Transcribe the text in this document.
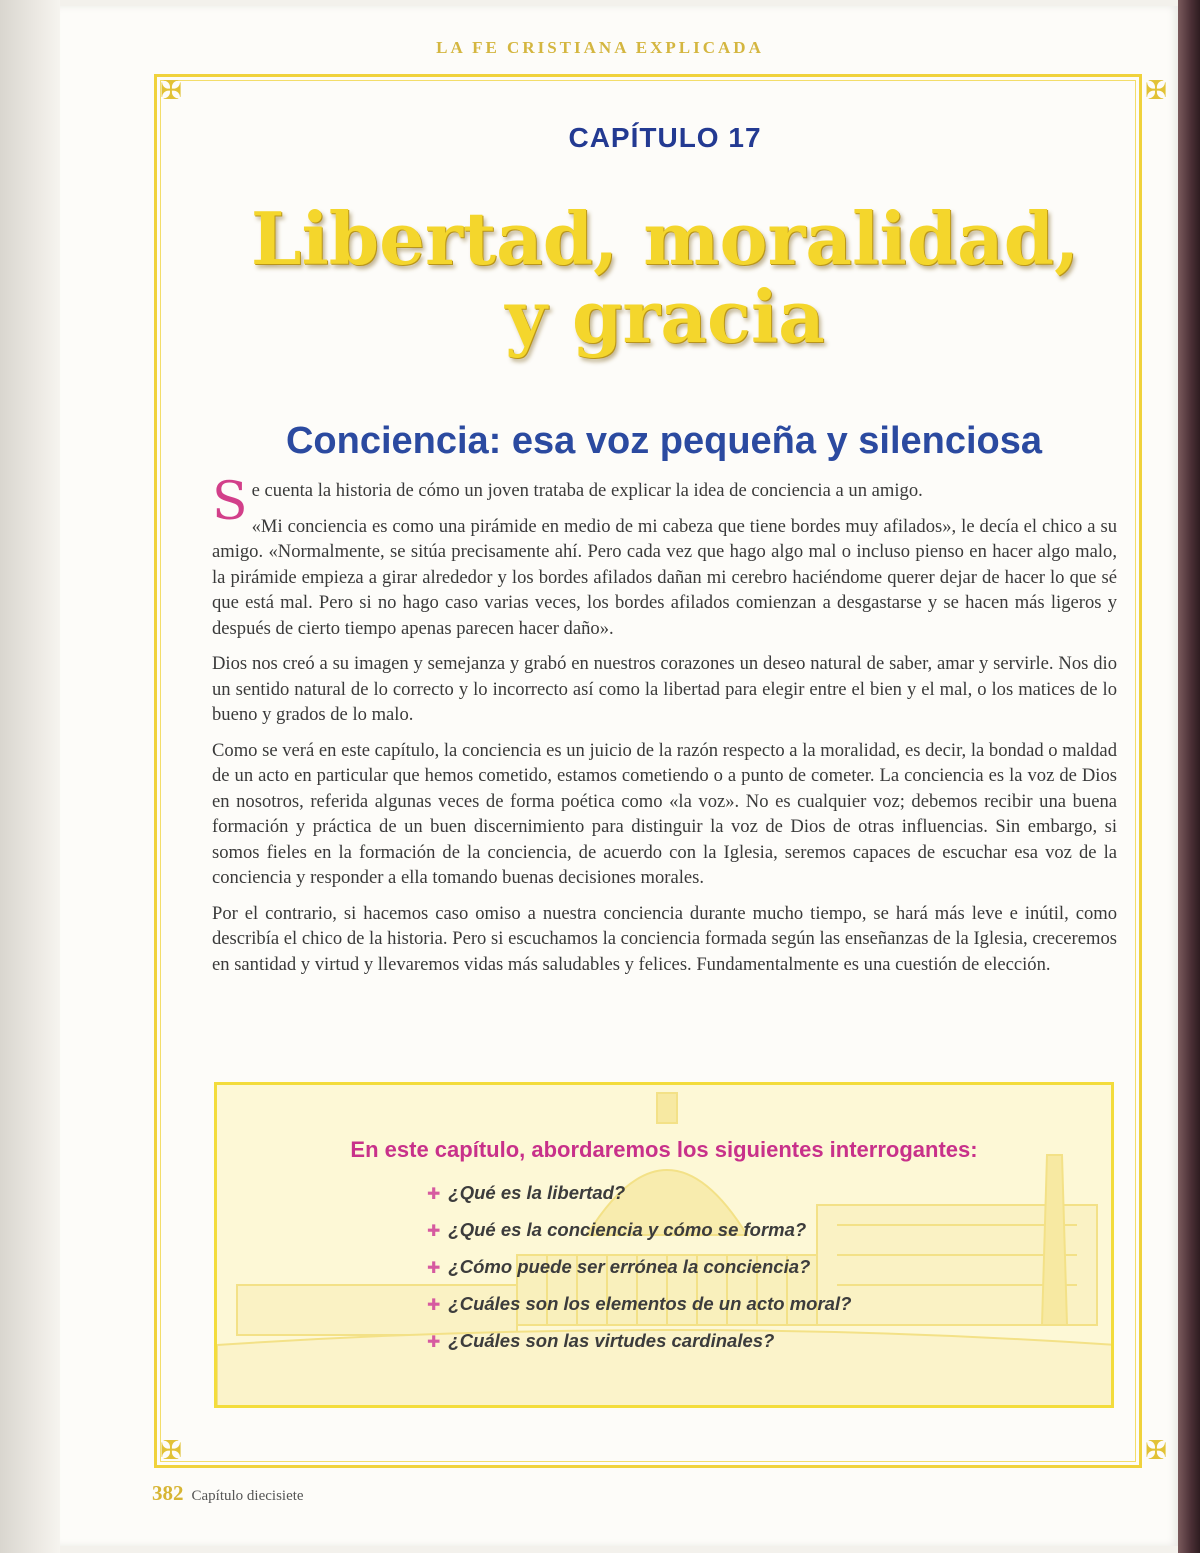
LA FE CRISTIANA EXPLICADA
✠	✠
✠	✠
CAPÍTULO 17
Libertad, moralidad,
y gracia
Conciencia: esa voz pequeña y silenciosa

Se cuenta la historia de cómo un joven trataba de explicar la idea de conciencia a un amigo.

«Mi conciencia es como una pirámide en medio de mi cabeza que tiene bordes muy afilados», le decía el chico a su amigo. «Normalmente, se sitúa precisamente ahí. Pero cada vez que hago algo mal o incluso pienso en hacer algo malo, la pirámide empieza a girar alrededor y los bordes afilados dañan mi cerebro haciéndome querer dejar de hacer lo que sé que está mal. Pero si no hago caso varias veces, los bordes afilados comienzan a desgastarse y se hacen más ligeros y después de cierto tiempo apenas parecen hacer daño».

Dios nos creó a su imagen y semejanza y grabó en nuestros corazones un deseo natural de saber, amar y servirle. Nos dio un sentido natural de lo correcto y lo incorrecto así como la libertad para elegir entre el bien y el mal, o los matices de lo bueno y grados de lo malo.

Como se verá en este capítulo, la conciencia es un juicio de la razón respecto a la moralidad, es decir, la bondad o maldad de un acto en particular que hemos cometido, estamos cometiendo o a punto de cometer. La conciencia es la voz de Dios en nosotros, referida algunas veces de forma poética como «la voz». No es cualquier voz; debemos recibir una buena formación y práctica de un buen discernimiento para distinguir la voz de Dios de otras influencias. Sin embargo, si somos fieles en la formación de la conciencia, de acuerdo con la Iglesia, seremos capaces de escuchar esa voz de la conciencia y responder a ella tomando buenas decisiones morales.

Por el contrario, si hacemos caso omiso a nuestra conciencia durante mucho tiempo, se hará más leve e inútil, como describía el chico de la historia. Pero si escuchamos la conciencia formada según las enseñanzas de la Iglesia, creceremos en santidad y virtud y llevaremos vidas más saludables y felices. Fundamentalmente es una cuestión de elección.

En este capítulo, abordaremos los siguientes interrogantes:
✚ ¿Qué es la libertad?
✚ ¿Qué es la conciencia y cómo se forma?
✚ ¿Cómo puede ser errónea la conciencia?
✚ ¿Cuáles son los elementos de un acto moral?
✚ ¿Cuáles son las virtudes cardinales?
382 Capítulo diecisiete
